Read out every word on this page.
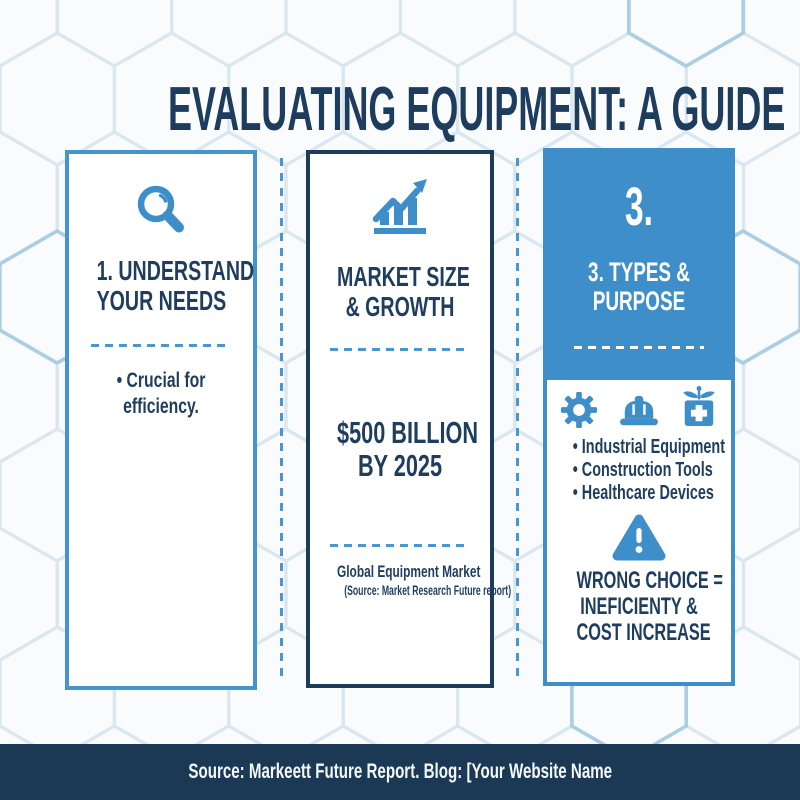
EVALUATING EQUIPMENT: A GUIDE
1. UNDERSTAND
YOUR NEEDS
• Crucial for
efficiency.
MARKET SIZE
& GROWTH
$500 BILLION
BY 2025
Global Equipment Market
(Source: Market Research Future report)
3.
3. TYPES &
PURPOSE
• Industrial Equipment
• Construction Tools
• Healthcare Devices
WRONG CHOICE =
INEFICIENTY &
COST INCREASE
Source: Markeett Future Report. Blog: [Your Website Name
